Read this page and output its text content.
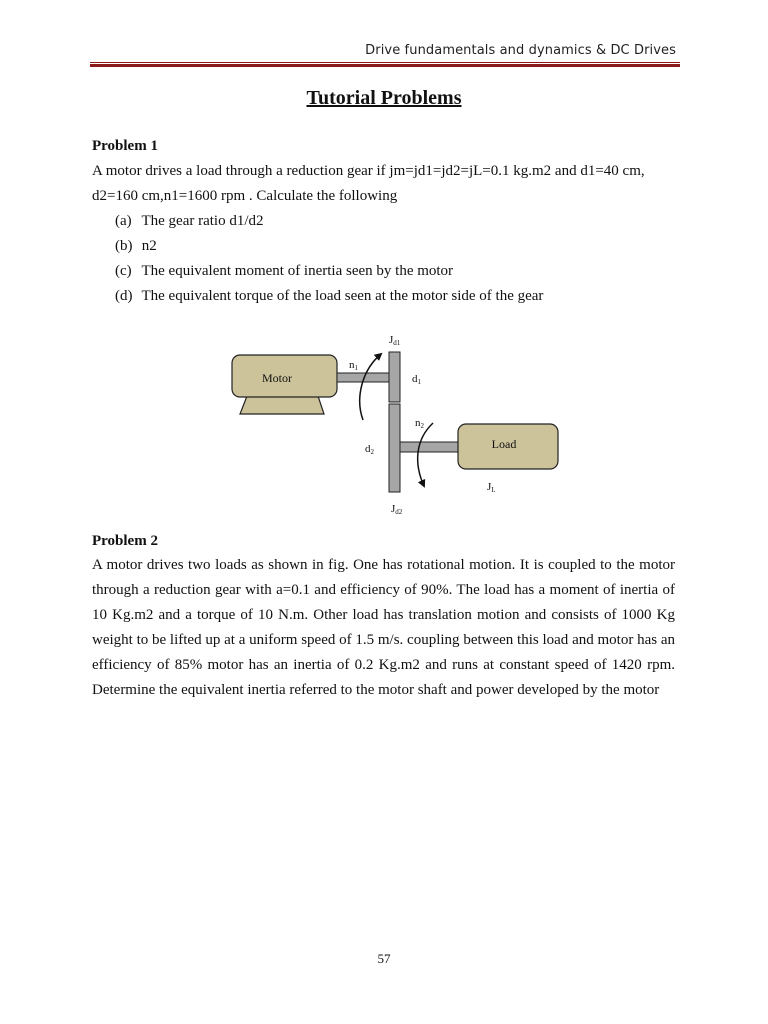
Drive fundamentals and dynamics & DC Drives
Tutorial Problems
Problem 1
A motor drives a load through a reduction gear if jm=jd1=jd2=jL=0.1 kg.m2 and d1=40 cm,
d2=160 cm,n1=1600 rpm . Calculate the following
(a) The gear ratio d1/d2
(b) n2
(c) The equivalent moment of inertia seen by the motor
(d) The equivalent torque of the load seen at the motor side of the gear
Motor
Load
Jd1
Jd2
JL
n1
n2
d1
d2
Problem 2

A motor drives two loads as shown in fig. One has rotational motion. It is coupled to the motor through a reduction gear with a=0.1 and efficiency of 90%. The load has a moment of inertia of 10 Kg.m2 and a torque of 10 N.m. Other load has translation motion and consists of 1000 Kg weight to be lifted up at a uniform speed of 1.5 m/s. coupling between this load and motor has an efficiency of 85% motor has an inertia of 0.2 Kg.m2 and runs at constant speed of 1420 rpm. Determine the equivalent inertia referred to the motor shaft and power developed by the motor

57
